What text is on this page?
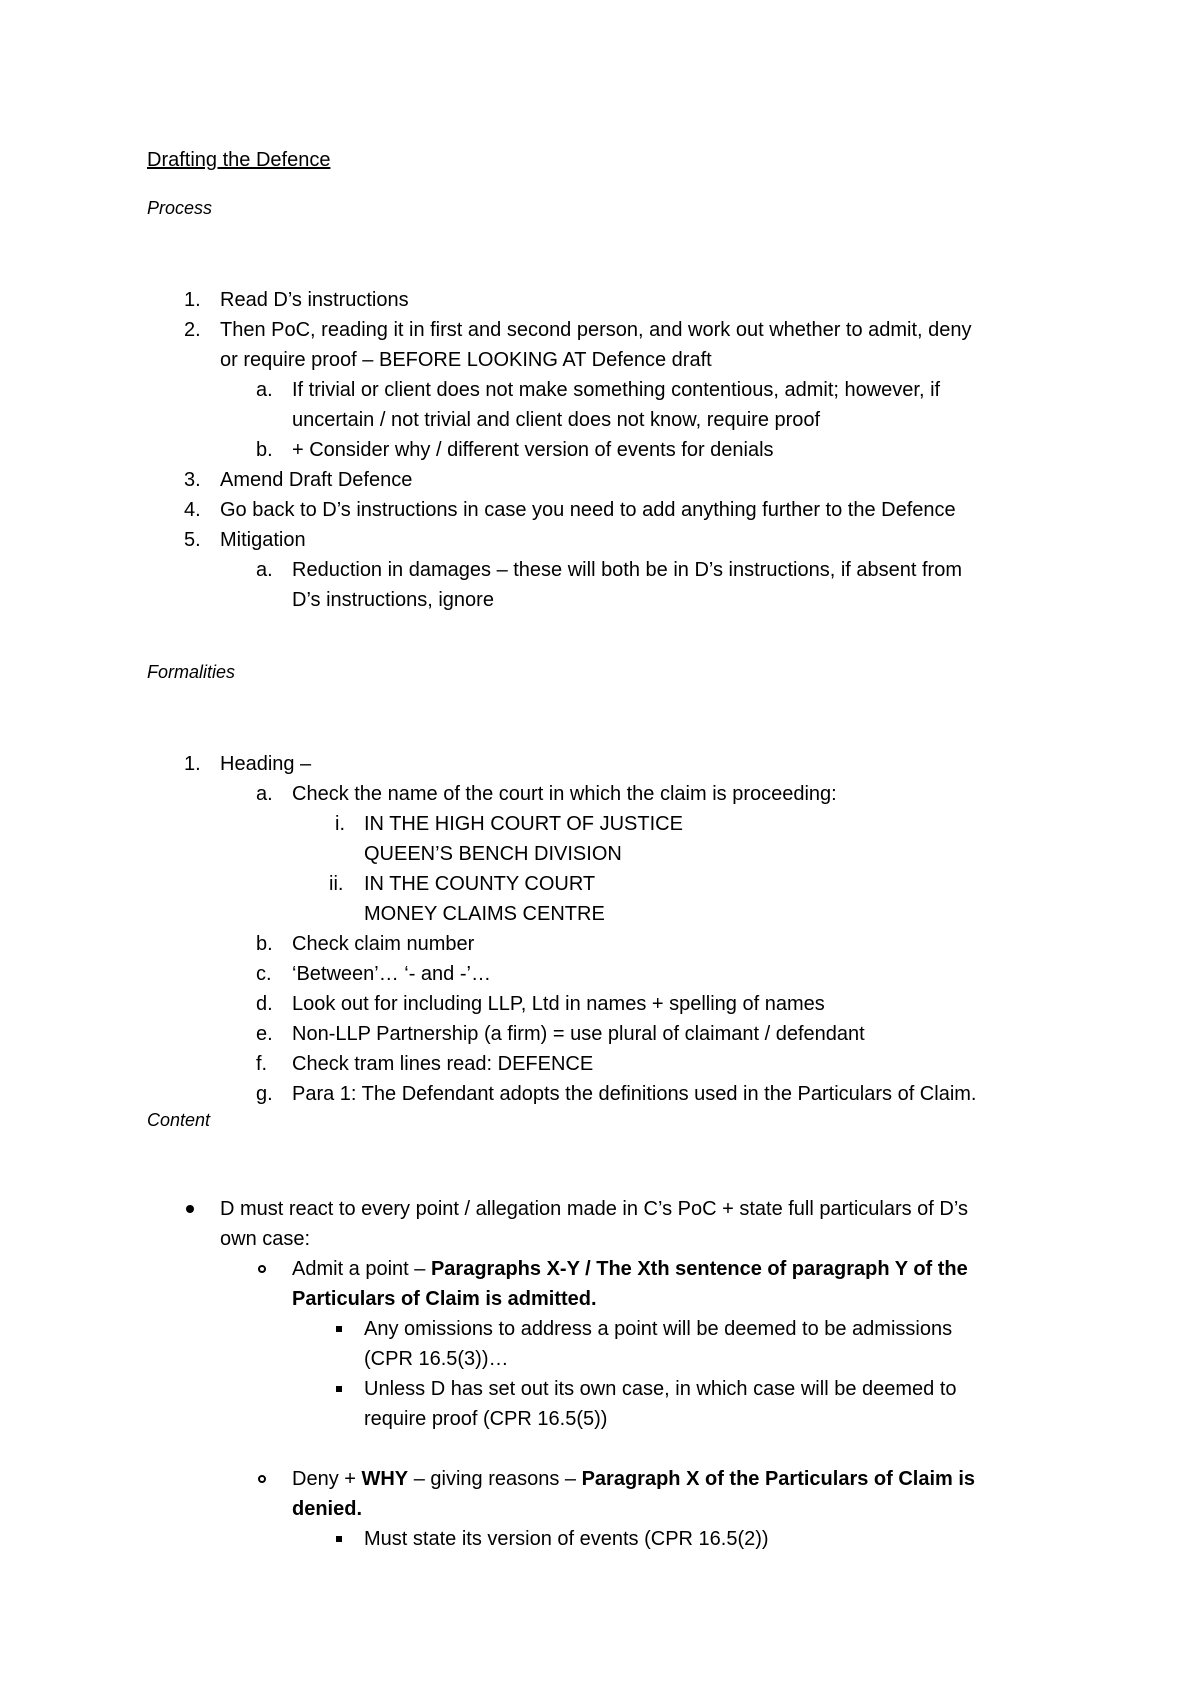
Drafting the Defence
Process
1. Read D’s instructions
2. Then PoC, reading it in first and second person, and work out whether to admit, deny
or require proof – BEFORE LOOKING AT Defence draft
a. If trivial or client does not make something contentious, admit; however, if
uncertain / not trivial and client does not know, require proof
b. + Consider why / different version of events for denials
3. Amend Draft Defence
4. Go back to D’s instructions in case you need to add anything further to the Defence
5. Mitigation
a. Reduction in damages – these will both be in D’s instructions, if absent from
D’s instructions, ignore
Formalities
1. Heading –
a. Check the name of the court in which the claim is proceeding:
i. IN THE HIGH COURT OF JUSTICE
QUEEN’S BENCH DIVISION
ii. IN THE COUNTY COURT
MONEY CLAIMS CENTRE
b. Check claim number
c. ‘Between’… ‘- and -’…
d. Look out for including LLP, Ltd in names + spelling of names
e. Non-LLP Partnership (a firm) = use plural of claimant / defendant
f. Check tram lines read: DEFENCE
g. Para 1: The Defendant adopts the definitions used in the Particulars of Claim.
Content
D must react to every point / allegation made in C’s PoC + state full particulars of D’s
own case:
Admit a point – Paragraphs X-Y / The Xth sentence of paragraph Y of the
Particulars of Claim is admitted.
Any omissions to address a point will be deemed to be admissions
(CPR 16.5(3))…
Unless D has set out its own case, in which case will be deemed to
require proof (CPR 16.5(5))
Deny + WHY – giving reasons – Paragraph X of the Particulars of Claim is
denied.
Must state its version of events (CPR 16.5(2))
